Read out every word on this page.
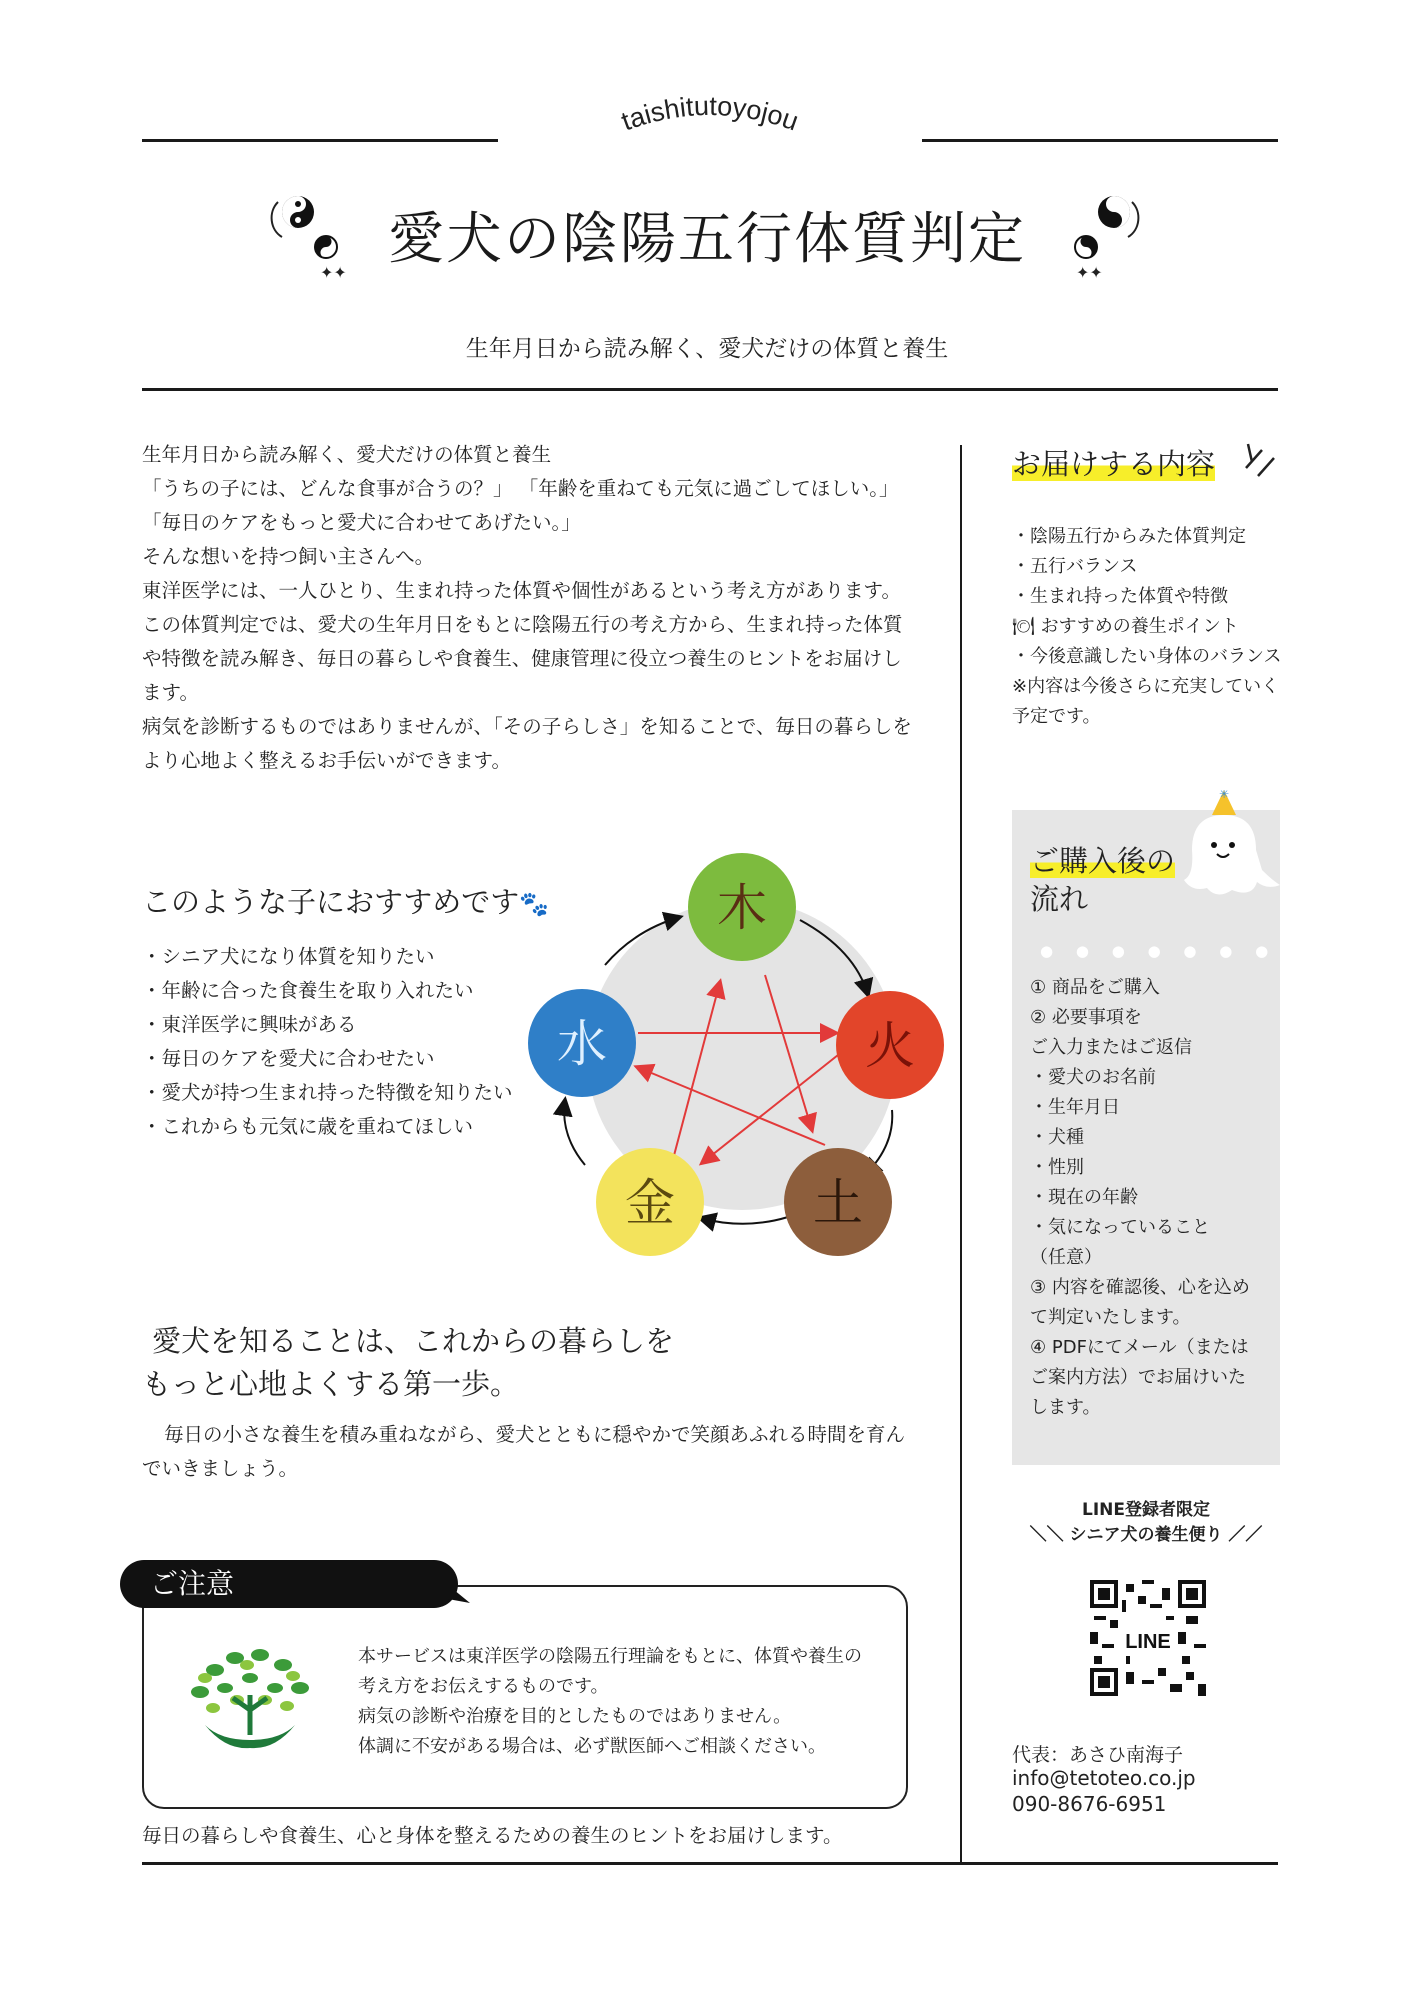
taishitutoyojou
✦✦	✦✦
愛犬の陰陽五行体質判定
生年月日から読み解く、愛犬だけの体質と養生

生年月日から読み解く、愛犬だけの体質と養生

「うちの子には、どんな食事が合うの？」 「年齢を重ねても元気に過ごしてほしい。」 「毎日のケアをもっと愛犬に合わせてあげたい。」

そんな想いを持つ飼い主さんへ。

東洋医学には、一人ひとり、生まれ持った体質や個性があるという考え方があります。

この体質判定では、愛犬の生年月日をもとに陰陽五行の考え方から、生まれ持った体質や特徴を読み解き、毎日の暮らしや食養生、健康管理に役立つ養生のヒントをお届けします。

病気を診断するものではありませんが、「その子らしさ」を知ることで、毎日の暮らしをより心地よく整えるお手伝いができます。

このような子におすすめです🐾
・シニア犬になり体質を知りたい
・年齢に合った食養生を取り入れたい
・東洋医学に興味がある
・毎日のケアを愛犬に合わせたい
・愛犬が持つ生まれ持った特徴を知りたい
・これからも元気に歳を重ねてほしい
木
火
土
金
水
愛犬を知ることは、これからの暮らしを
もっと心地よくする第一歩。
毎日の小さな養生を積み重ねながら、愛犬とともに穏やかで笑顔あふれる時間を育んでいきましょう。
ご注意

本サービスは東洋医学の陰陽五行理論をもとに、体質や養生の考え方をお伝えするものです。

病気の診断や治療を目的としたものではありません。

体調に不安がある場合は、必ず獣医師へご相談ください。

毎日の暮らしや食養生、心と身体を整えるための養生のヒントをお届けします。
お届けする内容
・陰陽五行からみた体質判定
・五行バランス
・生まれ持った体質や特徴
🍽 おすすめの養生ポイント
・今後意識したい身体のバランス
※内容は今後さらに充実していく予定です。
✳
ご購入後の
流れ
● ● ● ● ● ● ● ● ●
① 商品をご購入
② 必要事項を
ご入力またはご返信
・愛犬のお名前
・生年月日
・犬種
・性別
・現在の年齢
・気になっていること
（任意）
③ 内容を確認後、心を込めて判定いたします。
④ PDFにてメール（またはご案内方法）でお届けいたします。
LINE登録者限定
＼＼ シニア犬の養生便り ／／
LINE
代表：あさひ南海子
info@tetoteo.co.jp
090-8676-6951
